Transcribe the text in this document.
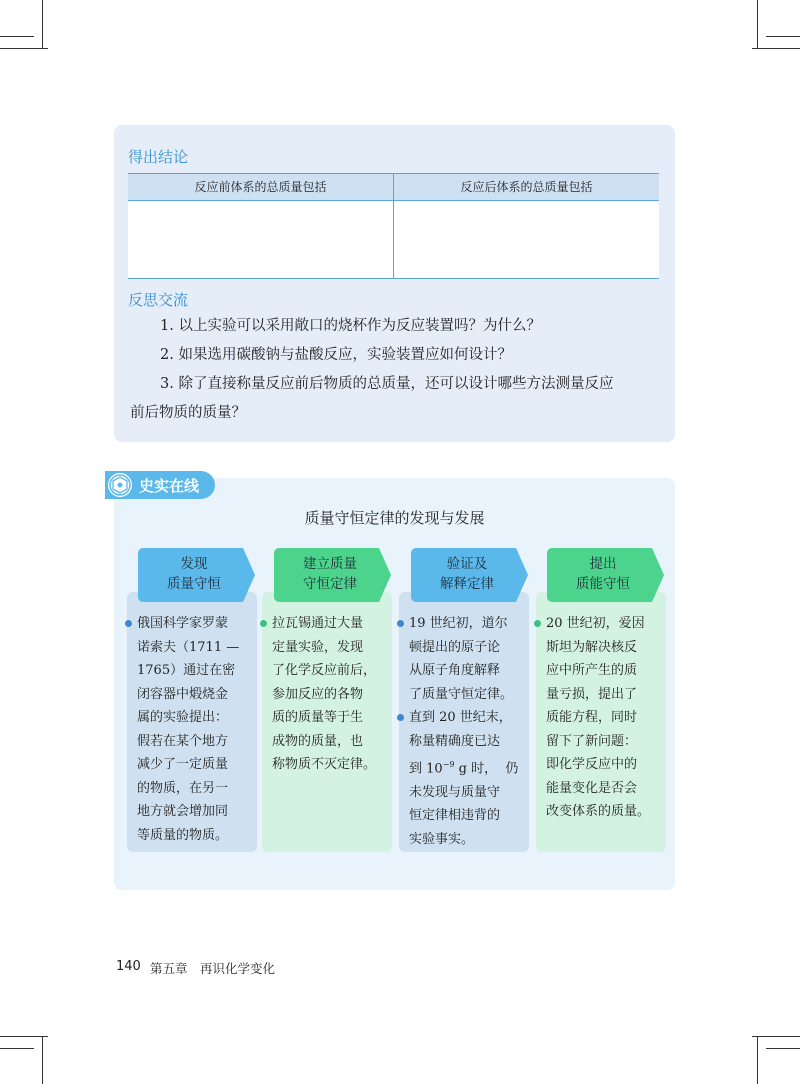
得出结论
反应前体系的总质量包括	反应后体系的总质量包括
反思交流
1. 以上实验可以采用敞口的烧杯作为反应装置吗？为什么？
2. 如果选用碳酸钠与盐酸反应，实验装置应如何设计？
3. 除了直接称量反应前后物质的总质量，还可以设计哪些方法测量反应
前后物质的质量？
史实在线
质量守恒定律的发现与发展
俄国科学家罗蒙
诺索夫（1711 —
1765）通过在密
闭容器中煅烧金
属的实验提出：
假若在某个地方
减少了一定质量
的物质，在另一
地方就会增加同
等质量的物质。
发现
质量守恒
拉瓦锡通过大量
定量实验，发现
了化学反应前后，
参加反应的各物
质的质量等于生
成物的质量，也
称物质不灭定律。
建立质量
守恒定律
19 世纪初，道尔
顿提出的原子论
从原子角度解释
了质量守恒定律。
直到 20 世纪末，
称量精确度已达
到 $10^{-9}$ g 时， 仍
未发现与质量守
恒定律相违背的
实验事实。
验证及
解释定律
20 世纪初，爱因
斯坦为解决核反
应中所产生的质
量亏损，提出了
质能方程，同时
留下了新问题：
即化学反应中的
能量变化是否会
改变体系的质量。
提出
质能守恒
140 第五章　再识化学变化
